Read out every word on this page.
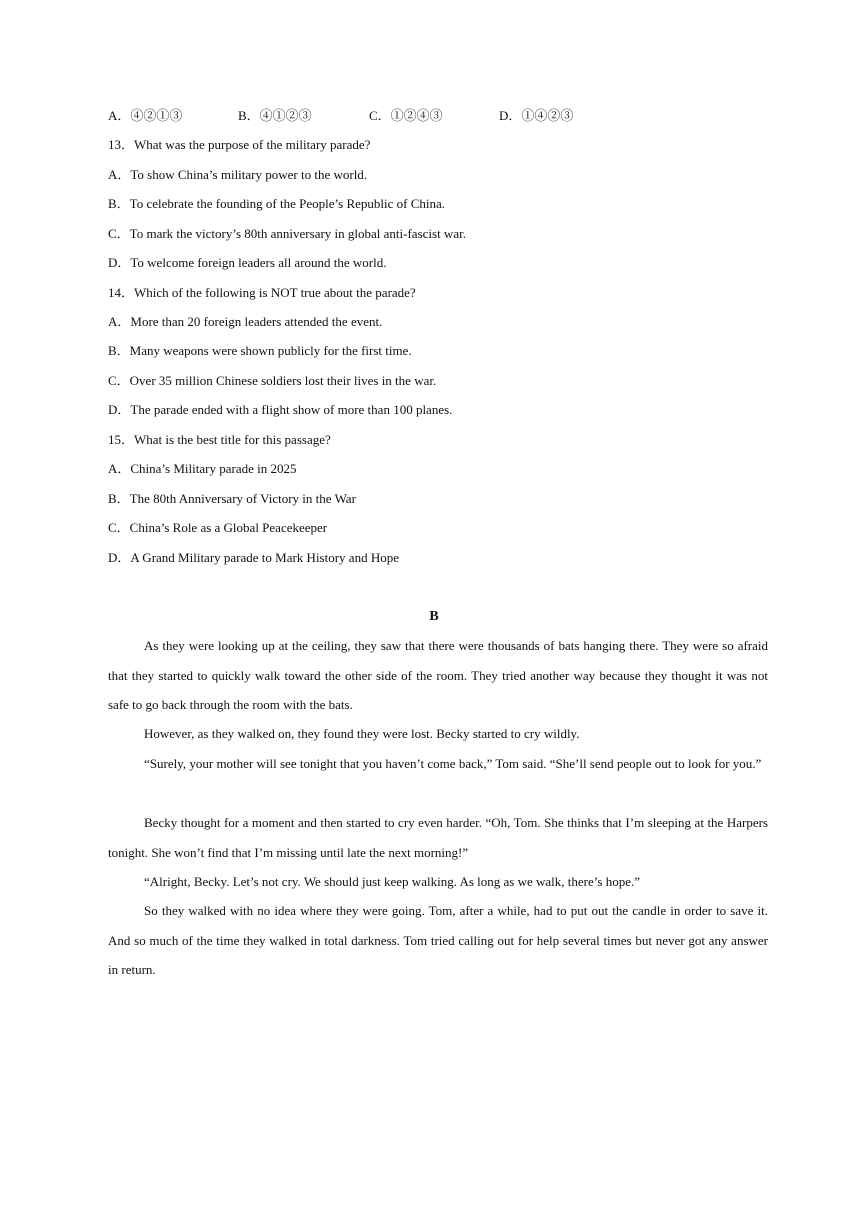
A．④②①③	B．④①②③	C．①②④③	D．①④②③
13．What was the purpose of the military parade?
A．To show China’s military power to the world.
B．To celebrate the founding of the People’s Republic of China.
C．To mark the victory’s 80th anniversary in global anti-fascist war.
D．To welcome foreign leaders all around the world.
14．Which of the following is NOT true about the parade?
A．More than 20 foreign leaders attended the event.
B．Many weapons were shown publicly for the first time.
C．Over 35 million Chinese soldiers lost their lives in the war.
D．The parade ended with a flight show of more than 100 planes.
15．What is the best title for this passage?
A．China’s Military parade in 2025
B．The 80th Anniversary of Victory in the War
C．China’s Role as a Global Peacekeeper
D．A Grand Military parade to Mark History and Hope
B

As they were looking up at the ceiling, they saw that there were thousands of bats hanging there. They were so afraid that they started to quickly walk toward the other side of the room. They tried another way because they thought it was not safe to go back through the room with the bats.

However, as they walked on, they found they were lost. Becky started to cry wildly.

“Surely, your mother will see tonight that you haven’t come back,” Tom said. “She’ll send people out to look for you.”

Becky thought for a moment and then started to cry even harder. “Oh, Tom. She thinks that I’m sleeping at the Harpers tonight. She won’t find that I’m missing until late the next morning!”

“Alright, Becky. Let’s not cry. We should just keep walking. As long as we walk, there’s hope.”

So they walked with no idea where they were going. Tom, after a while, had to put out the candle in order to save it. And so much of the time they walked in total darkness. Tom tried calling out for help several times but never got any answer in return.
